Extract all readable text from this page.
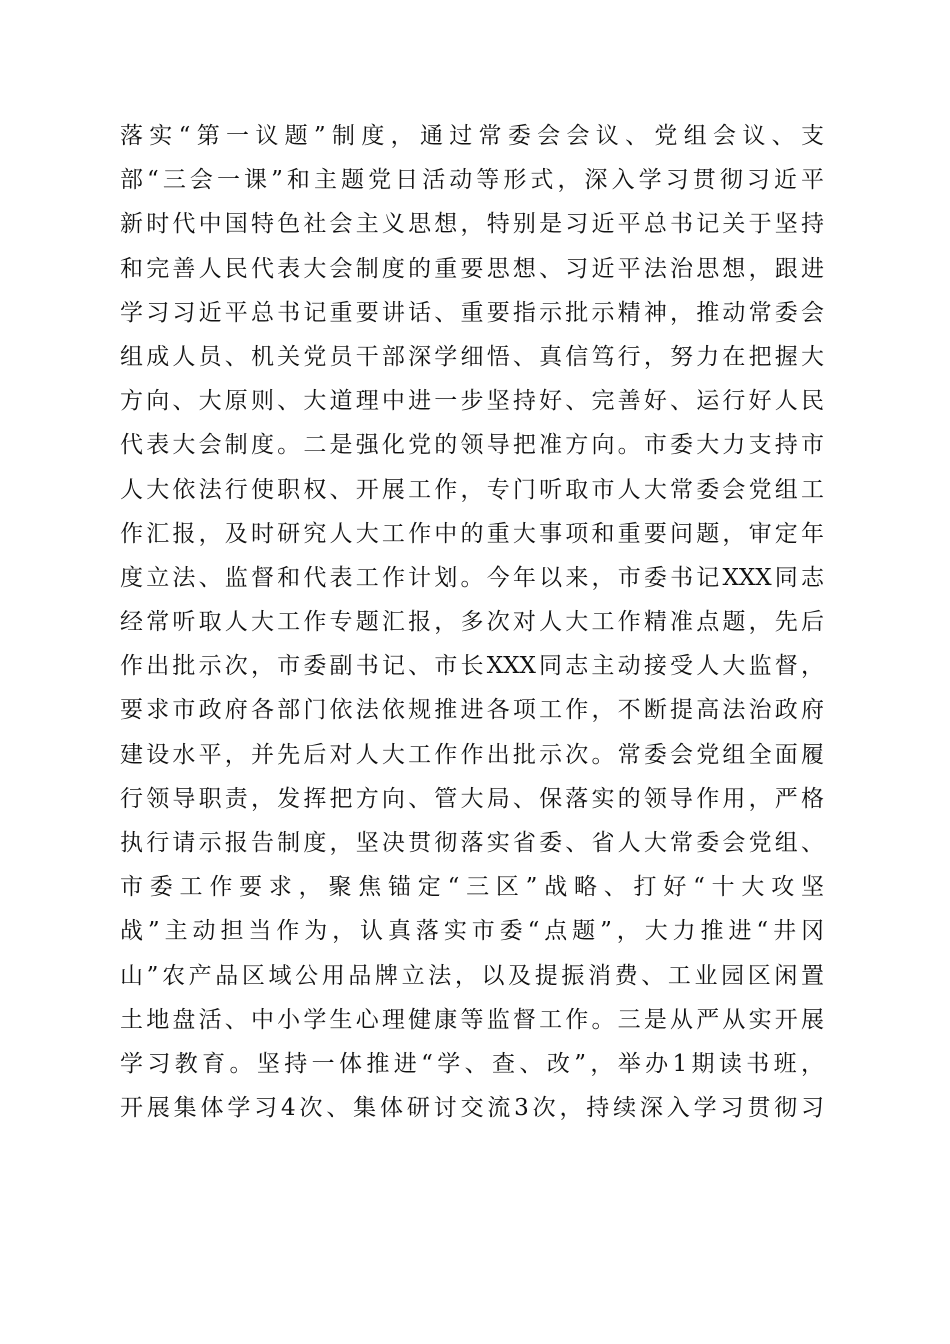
落实“第一议题”制度，通过常委会会议、党组会议、支
部“三会一课”和主题党日活动等形式，深入学习贯彻习近平
新时代中国特色社会主义思想，特别是习近平总书记关于坚持
和完善人民代表大会制度的重要思想、习近平法治思想，跟进
学习习近平总书记重要讲话、重要指示批示精神，推动常委会
组成人员、机关党员干部深学细悟、真信笃行，努力在把握大
方向、大原则、大道理中进一步坚持好、完善好、运行好人民
代表大会制度。二是强化党的领导把准方向。市委大力支持市
人大依法行使职权、开展工作，专门听取市人大常委会党组工
作汇报，及时研究人大工作中的重大事项和重要问题，审定年
度立法、监督和代表工作计划。今年以来，市委书记XXX同志
经常听取人大工作专题汇报，多次对人大工作精准点题，先后
作出批示次，市委副书记、市长XXX同志主动接受人大监督，
要求市政府各部门依法依规推进各项工作，不断提高法治政府
建设水平，并先后对人大工作作出批示次。常委会党组全面履
行领导职责，发挥把方向、管大局、保落实的领导作用，严格
执行请示报告制度，坚决贯彻落实省委、省人大常委会党组、
市委工作要求，聚焦锚定“三区”战略、打好“十大攻坚
战”主动担当作为，认真落实市委“点题”，大力推进“井冈
山”农产品区域公用品牌立法，以及提振消费、工业园区闲置
土地盘活、中小学生心理健康等监督工作。三是从严从实开展
学习教育。坚持一体推进“学、查、改”，举办1期读书班，
开展集体学习4次、集体研讨交流3次，持续深入学习贯彻习
